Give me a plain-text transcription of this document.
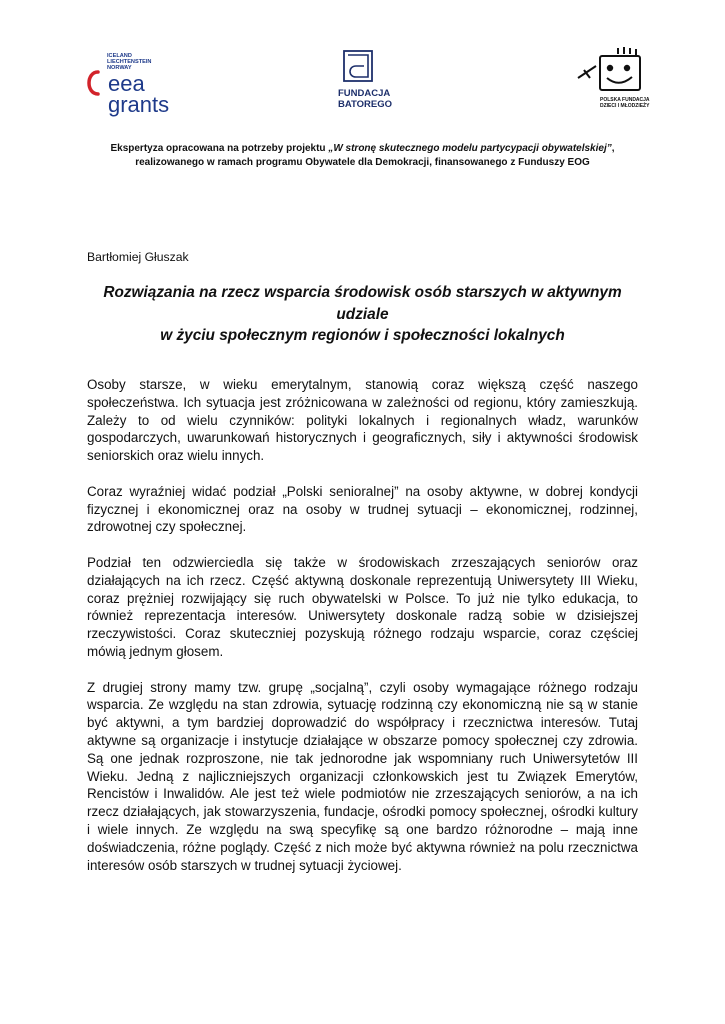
ICELAND
LIECHTENSTEIN
NORWAY
eea
grants	FUNDACJA
BATOREGO	POLSKA FUNDACJA
DZIECI I MŁODZIEŻY
Ekspertyza opracowana na potrzeby projektu „W stronę skutecznego modelu partycypacji obywatelskiej”, realizowanego w ramach programu Obywatele dla Demokracji, finansowanego z Funduszy EOG
Bartłomiej Głuszak
Rozwiązania na rzecz wsparcia środowisk osób starszych w aktywnym udziale
w życiu społecznym regionów i społeczności lokalnych

Osoby starsze, w wieku emerytalnym, stanowią coraz większą część naszego społeczeństwa. Ich sytuacja jest zróżnicowana w zależności od regionu, który zamieszkują. Zależy to od wielu czynników: polityki lokalnych i regionalnych władz, warunków gospodarczych, uwarunkowań historycznych i geograficznych, siły i aktywności środowisk seniorskich oraz wielu innych.

Coraz wyraźniej widać podział „Polski senioralnej” na osoby aktywne, w dobrej kondycji fizycznej i ekonomicznej oraz na osoby w trudnej sytuacji – ekonomicznej, rodzinnej, zdrowotnej czy społecznej.

Podział ten odzwierciedla się także w środowiskach zrzeszających seniorów oraz działających na ich rzecz. Część aktywną doskonale reprezentują Uniwersytety III Wieku, coraz prężniej rozwijający się ruch obywatelski w Polsce. To już nie tylko edukacja, to również reprezentacja interesów. Uniwersytety doskonale radzą sobie w dzisiejszej rzeczywistości. Coraz skuteczniej pozyskują różnego rodzaju wsparcie, coraz częściej mówią jednym głosem.

Z drugiej strony mamy tzw. grupę „socjalną”, czyli osoby wymagające różnego rodzaju wsparcia. Ze względu na stan zdrowia, sytuację rodzinną czy ekonomiczną nie są w stanie być aktywni, a tym bardziej doprowadzić do współpracy i rzecznictwa interesów. Tutaj aktywne są organizacje i instytucje działające w obszarze pomocy społecznej czy zdrowia. Są one jednak rozproszone, nie tak jednorodne jak wspomniany ruch Uniwersytetów III Wieku. Jedną z najliczniejszych organizacji członkowskich jest tu Związek Emerytów, Rencistów i Inwalidów. Ale jest też wiele podmiotów nie zrzeszających seniorów, a na ich rzecz działających, jak stowarzyszenia, fundacje, ośrodki pomocy społecznej, ośrodki kultury i wiele innych. Ze względu na swą specyfikę są one bardzo różnorodne – mają inne doświadczenia, różne poglądy. Część z nich może być aktywna również na polu rzecznictwa interesów osób starszych w trudnej sytuacji życiowej.
